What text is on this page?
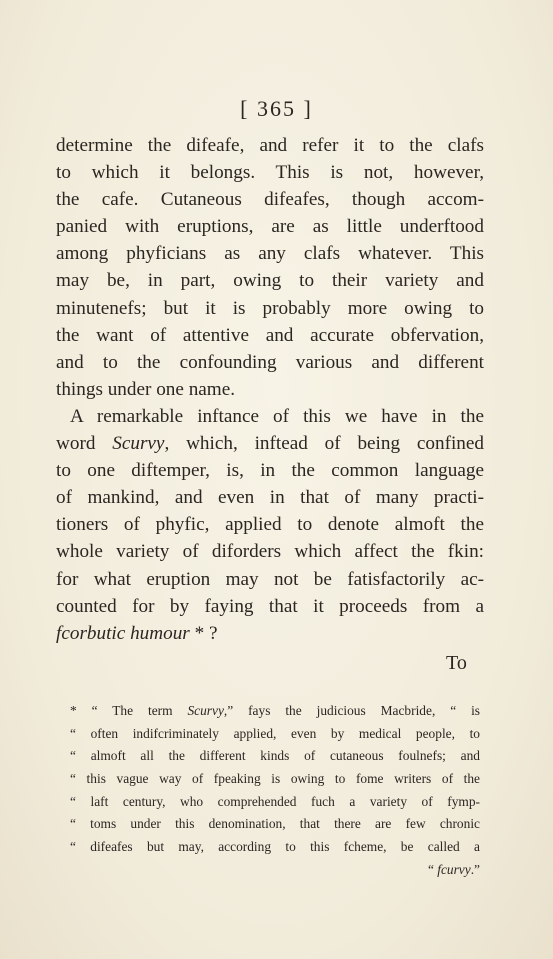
[ 365 ]
determine the difeafe, and refer it to the clafs
to which it belongs. This is not, however,
the cafe. Cutaneous difeafes, though accom-
panied with eruptions, are as little underftood
among phyficians as any clafs whatever. This
may be, in part, owing to their variety and
minutenefs; but it is probably more owing to
the want of attentive and accurate obfervation,
and to the confounding various and different
things under one name.
A remarkable inftance of this we have in the
word Scurvy, which, inftead of being confined
to one diftemper, is, in the common language
of mankind, and even in that of many practi-
tioners of phyfic, applied to denote almoft the
whole variety of diforders which affect the fkin:
for what eruption may not be fatisfactorily ac-
counted for by faying that it proceeds from a
fcorbutic humour * ?
To
* “ The term Scurvy,” fays the judicious Macbride, “ is
“ often indifcriminately applied, even by medical people, to
“ almoft all the different kinds of cutaneous foulnefs; and
“ this vague way of fpeaking is owing to fome writers of the
“ laft century, who comprehended fuch a variety of fymp-
“ toms under this denomination, that there are few chronic
“ difeafes but may, according to this fcheme, be called a
“ fcurvy.”
